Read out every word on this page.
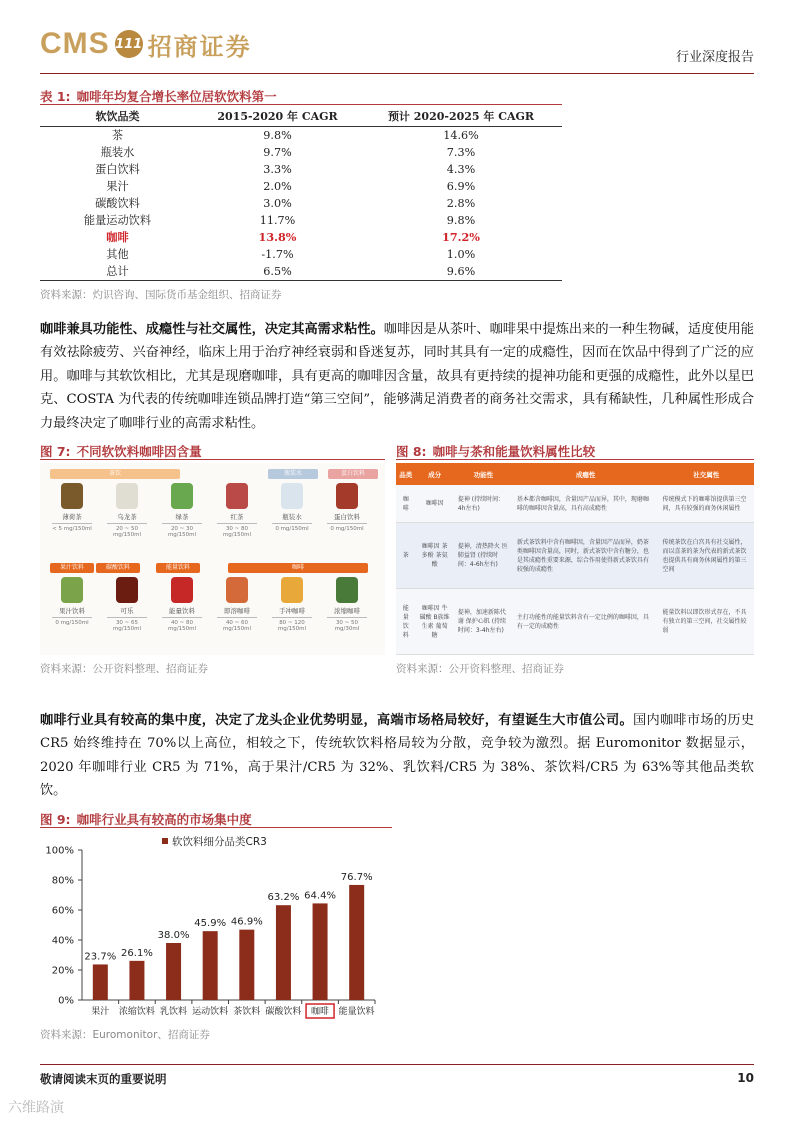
CMS 111 招商证券	行业深度报告
表 1: 咖啡年均复合增长率位居软饮料第一
软饮品类	2015-2020 年 CAGR	预计 2020-2025 年 CAGR
茶	9.8%	14.6%
瓶装水	9.7%	7.3%
蛋白饮料	3.3%	4.3%
果汁	2.0%	6.9%
碳酸饮料	3.0%	2.8%
能量运动饮料	11.7%	9.8%
咖啡	13.8%	17.2%
其他	-1.7%	1.0%
总计	6.5%	9.6%
资料来源：灼识咨询、国际货币基金组织、招商证券
咖啡兼具功能性、成瘾性与社交属性，决定其高需求粘性。咖啡因是从茶叶、咖啡果中提炼出来的一种生物碱，适度使用能有效祛除疲劳、兴奋神经，临床上用于治疗神经衰弱和昏迷复苏，同时其具有一定的成瘾性，因而在饮品中得到了广泛的应用。咖啡与其软饮相比，尤其是现磨咖啡，具有更高的咖啡因含量，故具有更持续的提神功能和更强的成瘾性，此外以星巴克、COSTA 为代表的传统咖啡连锁品牌打造“第三空间”，能够满足消费者的商务社交需求，具有稀缺性，几种属性形成合力最终决定了咖啡行业的高需求粘性。
图 7: 不同软饮料咖啡因含量
茶饮	瓶装水	蛋白饮料
薄荷茶
< 5 mg/150ml
乌龙茶
20 ~ 50 mg/150ml
绿茶
20 ~ 30 mg/150ml
红茶
30 ~ 80 mg/150ml
瓶装水
0 mg/150ml
蛋白饮料
0 mg/150ml
果汁饮料	碳酸饮料	能量饮料	咖啡
果汁饮料
0 mg/150ml
可乐
30 ~ 65 mg/150ml
能量饮料
40 ~ 80 mg/150ml
即溶咖啡
40 ~ 60 mg/150ml
手冲咖啡
80 ~ 120 mg/150ml
浓缩咖啡
30 ~ 50 mg/30ml
资料来源：公开资料整理、招商证券
图 8: 咖啡与茶和能量饮料属性比较
品类	成分	功能性	成瘾性	社交属性
咖啡	咖啡因	提神 (持续时间：4h左右)	基本都含咖啡因，含量因产品而异，其中，现磨咖啡的咖啡因含量高，具有高成瘾性	传统模式下的咖啡馆提供第三空间，具有较强的商务休闲属性
茶	咖啡因 茶多酚 茶氨酸	提神，清热降火 医肺益肾 (持续时间：4-6h左右)	新式茶饮料中含有咖啡因，含量因产品而异，奶茶类咖啡因含量高，同时，新式茶饮中含有糖分，也是其成瘾性重要来源，综合作用使得新式茶饮具有较强的成瘾性	传统茶饮在白宫具有社交属性，而以喜茶的茶为代表的新式茶饮也提供具有商务休闲属性的第三空间
能量饮料	咖啡因 牛磺酸 B族维生素 葡萄糖	提神，加速新陈代谢 保护心肌 (持续时间：3-4h左右)	主打功能性的能量饮料含有一定比例的咖啡因，具有一定的成瘾性	能量饮料以即饮形式存在，不具有独立的第三空间，社交属性较弱
资料来源：公开资料整理、招商证券
咖啡行业具有较高的集中度，决定了龙头企业优势明显，高端市场格局较好，有望诞生大市值公司。国内咖啡市场的历史 CR5 始终维持在 70%以上高位，相较之下，传统软饮料格局较为分散，竞争较为激烈。据 Euromonitor 数据显示，2020 年咖啡行业 CR5 为 71%，高于果汁/CR5 为 32%、乳饮料/CR5 为 38%、茶饮料/CR5 为 63%等其他品类软饮。
图 9: 咖啡行业具有较高的市场集中度
软饮料细分品类CR3
0%
20%
40%
60%
80%
100%
23.7%
果汁
26.1%
浓缩饮料
38.0%
乳饮料
45.9%
运动饮料
46.9%
茶饮料
63.2%
碳酸饮料
64.4%
咖啡
76.7%
能量饮料
资料来源：Euromonitor、招商证券
敬请阅读末页的重要说明	10
六维路演
